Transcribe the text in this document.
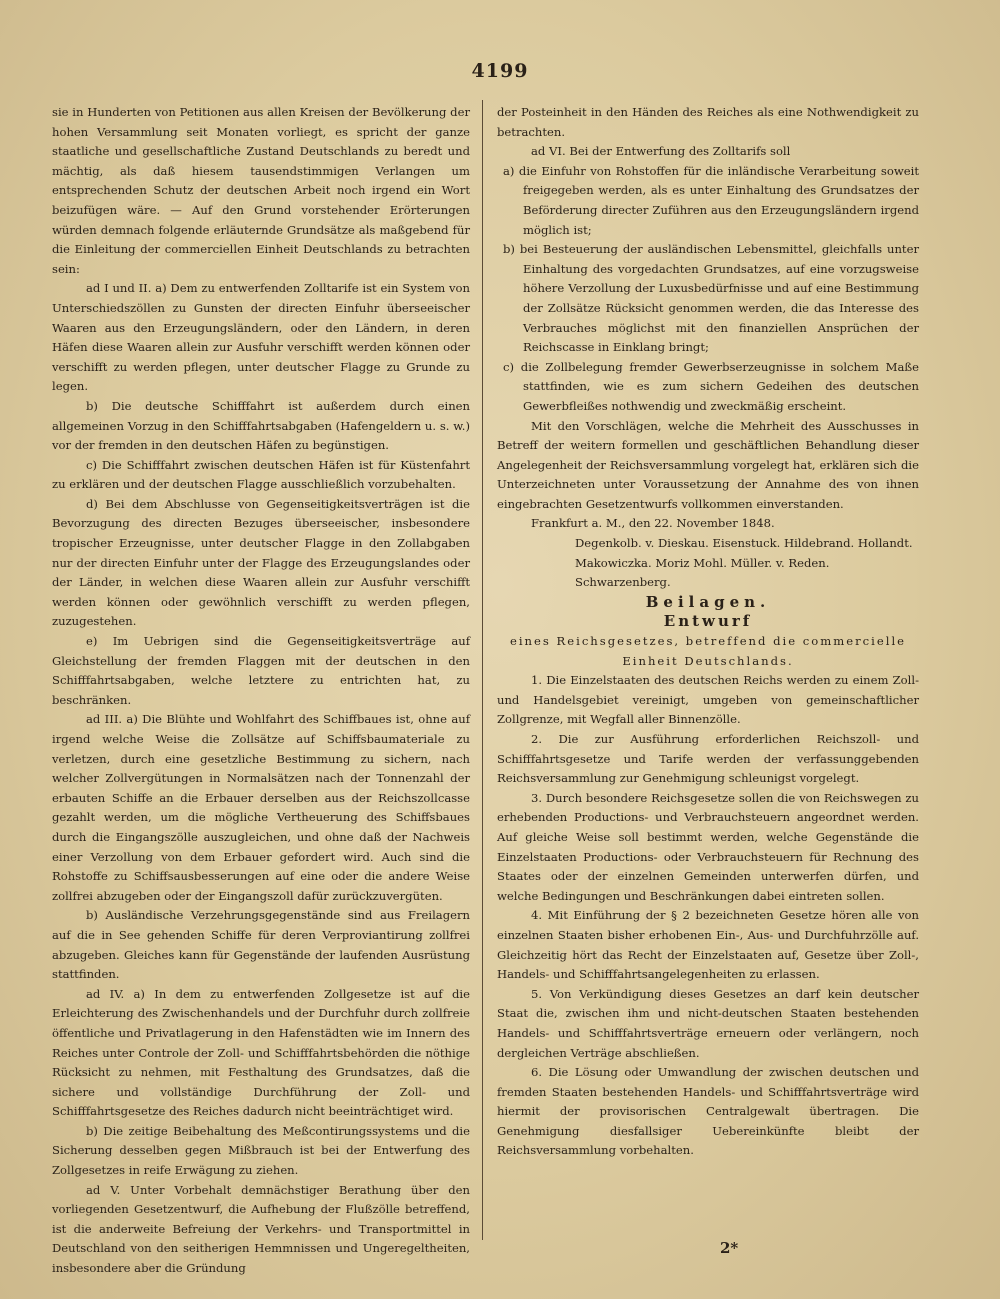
4199

sie in Hunderten von Petitionen aus allen Kreisen der Bevölkerung der hohen Versammlung seit Monaten vorliegt, es spricht der ganze staatliche und gesellschaftliche Zustand Deutschlands zu beredt und mächtig, als daß hiesem tausendstimmigen Verlangen um entsprechenden Schutz der deutschen Arbeit noch irgend ein Wort beizufügen wäre. — Auf den Grund vorstehender Erörterungen würden demnach folgende erläuternde Grundsätze als maßgebend für die Einleitung der commerciellen Einheit Deutschlands zu betrachten sein:

ad I und II. a) Dem zu entwerfenden Zolltarife ist ein System von Unterschiedszöllen zu Gunsten der directen Einfuhr überseeischer Waaren aus den Erzeugungsländern, oder den Ländern, in deren Häfen diese Waaren allein zur Ausfuhr verschifft werden können oder verschifft zu werden pflegen, unter deutscher Flagge zu Grunde zu legen.

b) Die deutsche Schifffahrt ist außerdem durch einen allgemeinen Vorzug in den Schifffahrtsabgaben (Hafengeldern u. s. w.) vor der fremden in den deutschen Häfen zu begünstigen.

c) Die Schifffahrt zwischen deutschen Häfen ist für Küstenfahrt zu erklären und der deutschen Flagge ausschließlich vorzubehalten.

d) Bei dem Abschlusse von Gegenseitigkeitsverträgen ist die Bevorzugung des directen Bezuges überseeischer, insbesondere tropischer Erzeugnisse, unter deutscher Flagge in den Zollabgaben nur der directen Einfuhr unter der Flagge des Erzeugungslandes oder der Länder, in welchen diese Waaren allein zur Ausfuhr verschifft werden können oder gewöhnlich verschifft zu werden pflegen, zuzugestehen.

e) Im Uebrigen sind die Gegenseitigkeitsverträge auf Gleichstellung der fremden Flaggen mit der deutschen in den Schifffahrtsabgaben, welche letztere zu entrichten hat, zu beschränken.

ad III. a) Die Blühte und Wohlfahrt des Schiffbaues ist, ohne auf irgend welche Weise die Zollsätze auf Schiffsbaumateriale zu verletzen, durch eine gesetzliche Bestimmung zu sichern, nach welcher Zollvergütungen in Normalsätzen nach der Tonnenzahl der erbauten Schiffe an die Erbauer derselben aus der Reichszollcasse gezahlt werden, um die mögliche Vertheuerung des Schiffsbaues durch die Eingangszölle auszugleichen, und ohne daß der Nachweis einer Verzollung von dem Erbauer gefordert wird. Auch sind die Rohstoffe zu Schiffsausbesserungen auf eine oder die andere Weise zollfrei abzugeben oder der Eingangszoll dafür zurückzuvergüten.

b) Ausländische Verzehrungsgegenstände sind aus Freilagern auf die in See gehenden Schiffe für deren Verproviantirung zollfrei abzugeben. Gleiches kann für Gegenstände der laufenden Ausrüstung stattfinden.

ad IV. a) In dem zu entwerfenden Zollgesetze ist auf die Erleichterung des Zwischenhandels und der Durchfuhr durch zollfreie öffentliche und Privatlagerung in den Hafenstädten wie im Innern des Reiches unter Controle der Zoll- und Schifffahrtsbehörden die nöthige Rücksicht zu nehmen, mit Festhaltung des Grundsatzes, daß die sichere und vollständige Durchführung der Zoll- und Schifffahrtsgesetze des Reiches dadurch nicht beeinträchtiget wird.

b) Die zeitige Beibehaltung des Meßcontirungssystems und die Sicherung desselben gegen Mißbrauch ist bei der Entwerfung des Zollgesetzes in reife Erwägung zu ziehen.

ad V. Unter Vorbehalt demnächstiger Berathung über den vorliegenden Gesetzentwurf, die Aufhebung der Flußzölle betreffend, ist die anderweite Befreiung der Verkehrs- und Transportmittel in Deutschland von den seitherigen Hemmnissen und Ungeregeltheiten, insbesondere aber die Gründung

der Posteinheit in den Händen des Reiches als eine Nothwendigkeit zu betrachten.

ad VI. Bei der Entwerfung des Zolltarifs soll

a) die Einfuhr von Rohstoffen für die inländische Verarbeitung soweit freigegeben werden, als es unter Einhaltung des Grundsatzes der Beförderung directer Zuführen aus den Erzeugungsländern irgend möglich ist;

b) bei Besteuerung der ausländischen Lebensmittel, gleichfalls unter Einhaltung des vorgedachten Grundsatzes, auf eine vorzugsweise höhere Verzollung der Luxusbedürfnisse und auf eine Bestimmung der Zollsätze Rücksicht genommen werden, die das Interesse des Verbrauches möglichst mit den finanziellen Ansprüchen der Reichscasse in Einklang bringt;

c) die Zollbelegung fremder Gewerbserzeugnisse in solchem Maße stattfinden, wie es zum sichern Gedeihen des deutschen Gewerbfleißes nothwendig und zweckmäßig erscheint.

Mit den Vorschlägen, welche die Mehrheit des Ausschusses in Betreff der weitern formellen und geschäftlichen Behandlung dieser Angelegenheit der Reichsversammlung vorgelegt hat, erklären sich die Unterzeichneten unter Voraussetzung der Annahme des von ihnen eingebrachten Gesetzentwurfs vollkommen einverstanden.

Frankfurt a. M., den 22. November 1848.

Degenkolb. v. Dieskau. Eisenstuck. Hildebrand. Hollandt. Makowiczka. Moriz Mohl. Müller. v. Reden. Schwarzenberg.

Beilagen.

Entwurf

eines Reichsgesetzes, betreffend die commercielle Einheit Deutschlands.

1. Die Einzelstaaten des deutschen Reichs werden zu einem Zoll- und Handelsgebiet vereinigt, umgeben von gemeinschaftlicher Zollgrenze, mit Wegfall aller Binnenzölle.

2. Die zur Ausführung erforderlichen Reichszoll- und Schifffahrtsgesetze und Tarife werden der verfassunggebenden Reichsversammlung zur Genehmigung schleunigst vorgelegt.

3. Durch besondere Reichsgesetze sollen die von Reichswegen zu erhebenden Productions- und Verbrauchsteuern angeordnet werden. Auf gleiche Weise soll bestimmt werden, welche Gegenstände die Einzelstaaten Productions- oder Verbrauchsteuern für Rechnung des Staates oder der einzelnen Gemeinden unterwerfen dürfen, und welche Bedingungen und Beschränkungen dabei eintreten sollen.

4. Mit Einführung der § 2 bezeichneten Gesetze hören alle von einzelnen Staaten bisher erhobenen Ein-, Aus- und Durchfuhrzölle auf. Gleichzeitig hört das Recht der Einzelstaaten auf, Gesetze über Zoll-, Handels- und Schifffahrtsangelegenheiten zu erlassen.

5. Von Verkündigung dieses Gesetzes an darf kein deutscher Staat die, zwischen ihm und nicht-deutschen Staaten bestehenden Handels- und Schifffahrtsverträge erneuern oder verlängern, noch dergleichen Verträge abschließen.

6. Die Lösung oder Umwandlung der zwischen deutschen und fremden Staaten bestehenden Handels- und Schifffahrtsverträge wird hiermit der provisorischen Centralgewalt übertragen. Die Genehmigung diesfallsiger Uebereinkünfte bleibt der Reichsversammlung vorbehalten.

2*
